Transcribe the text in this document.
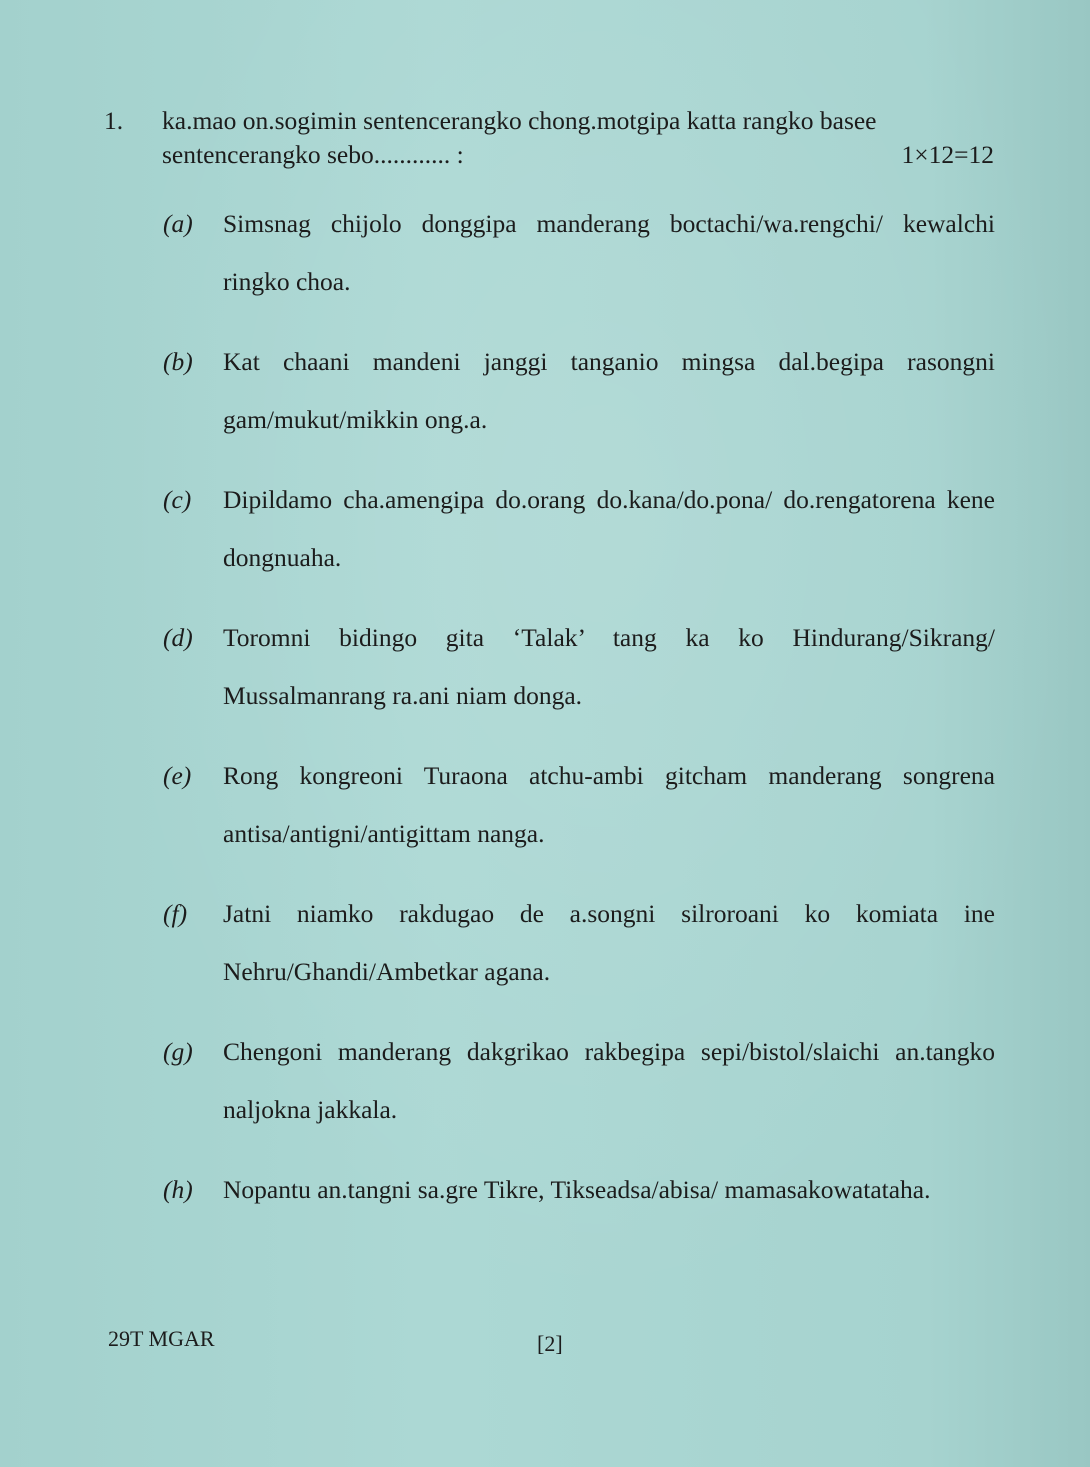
1. ka.mao on.sogimin sentencerangko chong.motgipa katta rangko basee
sentencerangko sebo............ :	1×12=12
(a) Simsnag chijolo donggipa manderang boctachi/wa.rengchi/ kewalchi ringko choa.
(b) Kat chaani mandeni janggi tanganio mingsa dal.begipa rasongni gam/mukut/mikkin ong.a.
(c) Dipildamo cha.amengipa do.orang do.kana/do.pona/ do.rengatorena kene dongnuaha.
(d) Toromni bidingo gita ‘Talak’ tang ka ko Hindurang/Sikrang/ Mussalmanrang ra.ani niam donga.
(e) Rong kongreoni Turaona atchu-ambi gitcham manderang songrena antisa/antigni/antigittam nanga.
(f) Jatni niamko rakdugao de a.songni silroroani ko komiata ine Nehru/Ghandi/Ambetkar agana.
(g) Chengoni manderang dakgrikao rakbegipa sepi/bistol/slaichi an.tangko naljokna jakkala.
(h) Nopantu an.tangni sa.gre Tikre, Tikseadsa/abisa/ mamasakowatataha.
29T MGAR	[2]
